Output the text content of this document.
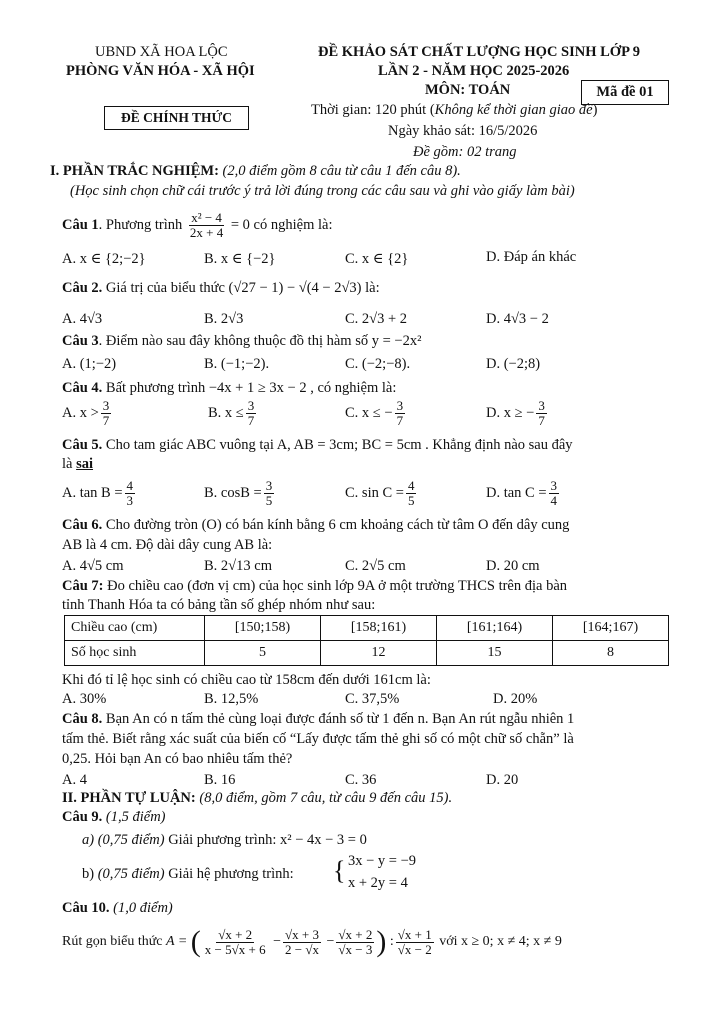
UBND XÃ HOA LỘC
PHÒNG VĂN HÓA - XÃ HỘI
ĐỀ CHÍNH THỨC
ĐỀ KHẢO SÁT CHẤT LƯỢNG HỌC SINH LỚP 9
LẦN 2 - NĂM HỌC 2025-2026
MÔN: TOÁN	Mã đề 01
Thời gian: 120 phút (Không kể thời gian giao đề)
Ngày khảo sát: 16/5/2026
Đề gồm: 02 trang
I. PHẦN TRẮC NGHIỆM: (2,0 điểm gồm 8 câu từ câu 1 đến câu 8).
(Học sinh chọn chữ cái trước ý trả lời đúng trong các câu sau và ghi vào giấy làm bài)
Câu 1. Phương trình $\frac{\text{x² − 4}}{2x + 4} = 0$ có nghiệm là:
A. x ∈ {2;−2}	B. x ∈ {−2}	C. x ∈ {2}	D. Đáp án khác
Câu 2. Giá trị của biểu thức (√27 − 1) − √(4 − 2√3) là:
A. 4√3	B. 2√3	C. 2√3 + 2	D. 4√3 − 2
Câu 3. Điểm nào sau đây không thuộc đồ thị hàm số y = −2x²
A. (1;−2)	B. (−1;−2).	C. (−2;−8).	D. (−2;8)
Câu 4. Bất phương trình −4x + 1 ≥ 3x − 2 , có nghiệm là:
A. $x > \frac{3}{7}$	B. $x \le \frac{3}{7}$	C. x ≤ − $\frac{3}{7}$	D. x ≥ − $\frac{3}{7}$
Câu 5. Cho tam giác ABC vuông tại A, AB = 3cm; BC = 5cm . Khẳng định nào sau đây
là sai
A. $\tan B = \frac{4}{3}$	B. $\cos B = \frac{3}{5}$	C. $\sin C = \frac{4}{5}$	D. $\tan C = \frac{3}{4}$
Câu 6. Cho đường tròn (O) có bán kính bằng 6 cm khoảng cách từ tâm O đến dây cung
AB là 4 cm. Độ dài dây cung AB là:
A. 4√5 cm	B. 2√13 cm	C. 2√5 cm	D. 20 cm
Câu 7: Đo chiều cao (đơn vị cm) của học sinh lớp 9A ở một trường THCS trên địa bàn
tỉnh Thanh Hóa ta có bảng tần số ghép nhóm như sau:
Chiều cao (cm)	[150;158)	[158;161)	[161;164)	[164;167)
Số học sinh	5	12	15	8
Khi đó tỉ lệ học sinh có chiều cao từ 158cm đến dưới 161cm là:
A. 30%	B. 12,5%	C. 37,5%	D. 20%
Câu 8. Bạn An có n tấm thẻ cùng loại được đánh số từ 1 đến n. Bạn An rút ngẫu nhiên 1
tấm thẻ. Biết rằng xác suất của biến cố “Lấy được tấm thẻ ghi số có một chữ số chẵn” là
0,25. Hỏi bạn An có bao nhiêu tấm thẻ?
A. 4	B. 16	C. 36	D. 20
II. PHẦN TỰ LUẬN: (8,0 điểm, gồm 7 câu, từ câu 9 đến câu 15).
Câu 9. (1,5 điểm)
a) (0,75 điểm) Giải phương trình: x² − 4x − 3 = 0
b) (0,75 điểm) Giải hệ phương trình: { 3x − y = −9
x + 2y = 4
Câu 10. (1,0 điểm)
Rút gọn biểu thức A = ( $\frac{√x + 2}{x - 5√x + 6} - \frac{√x + 3}{2 - √x} - \frac{√x + 2}{√x - 3}$ ) : $\frac{√x + 1}{√x - 2}$ với x ≥ 0; x ≠ 4; x ≠ 9
